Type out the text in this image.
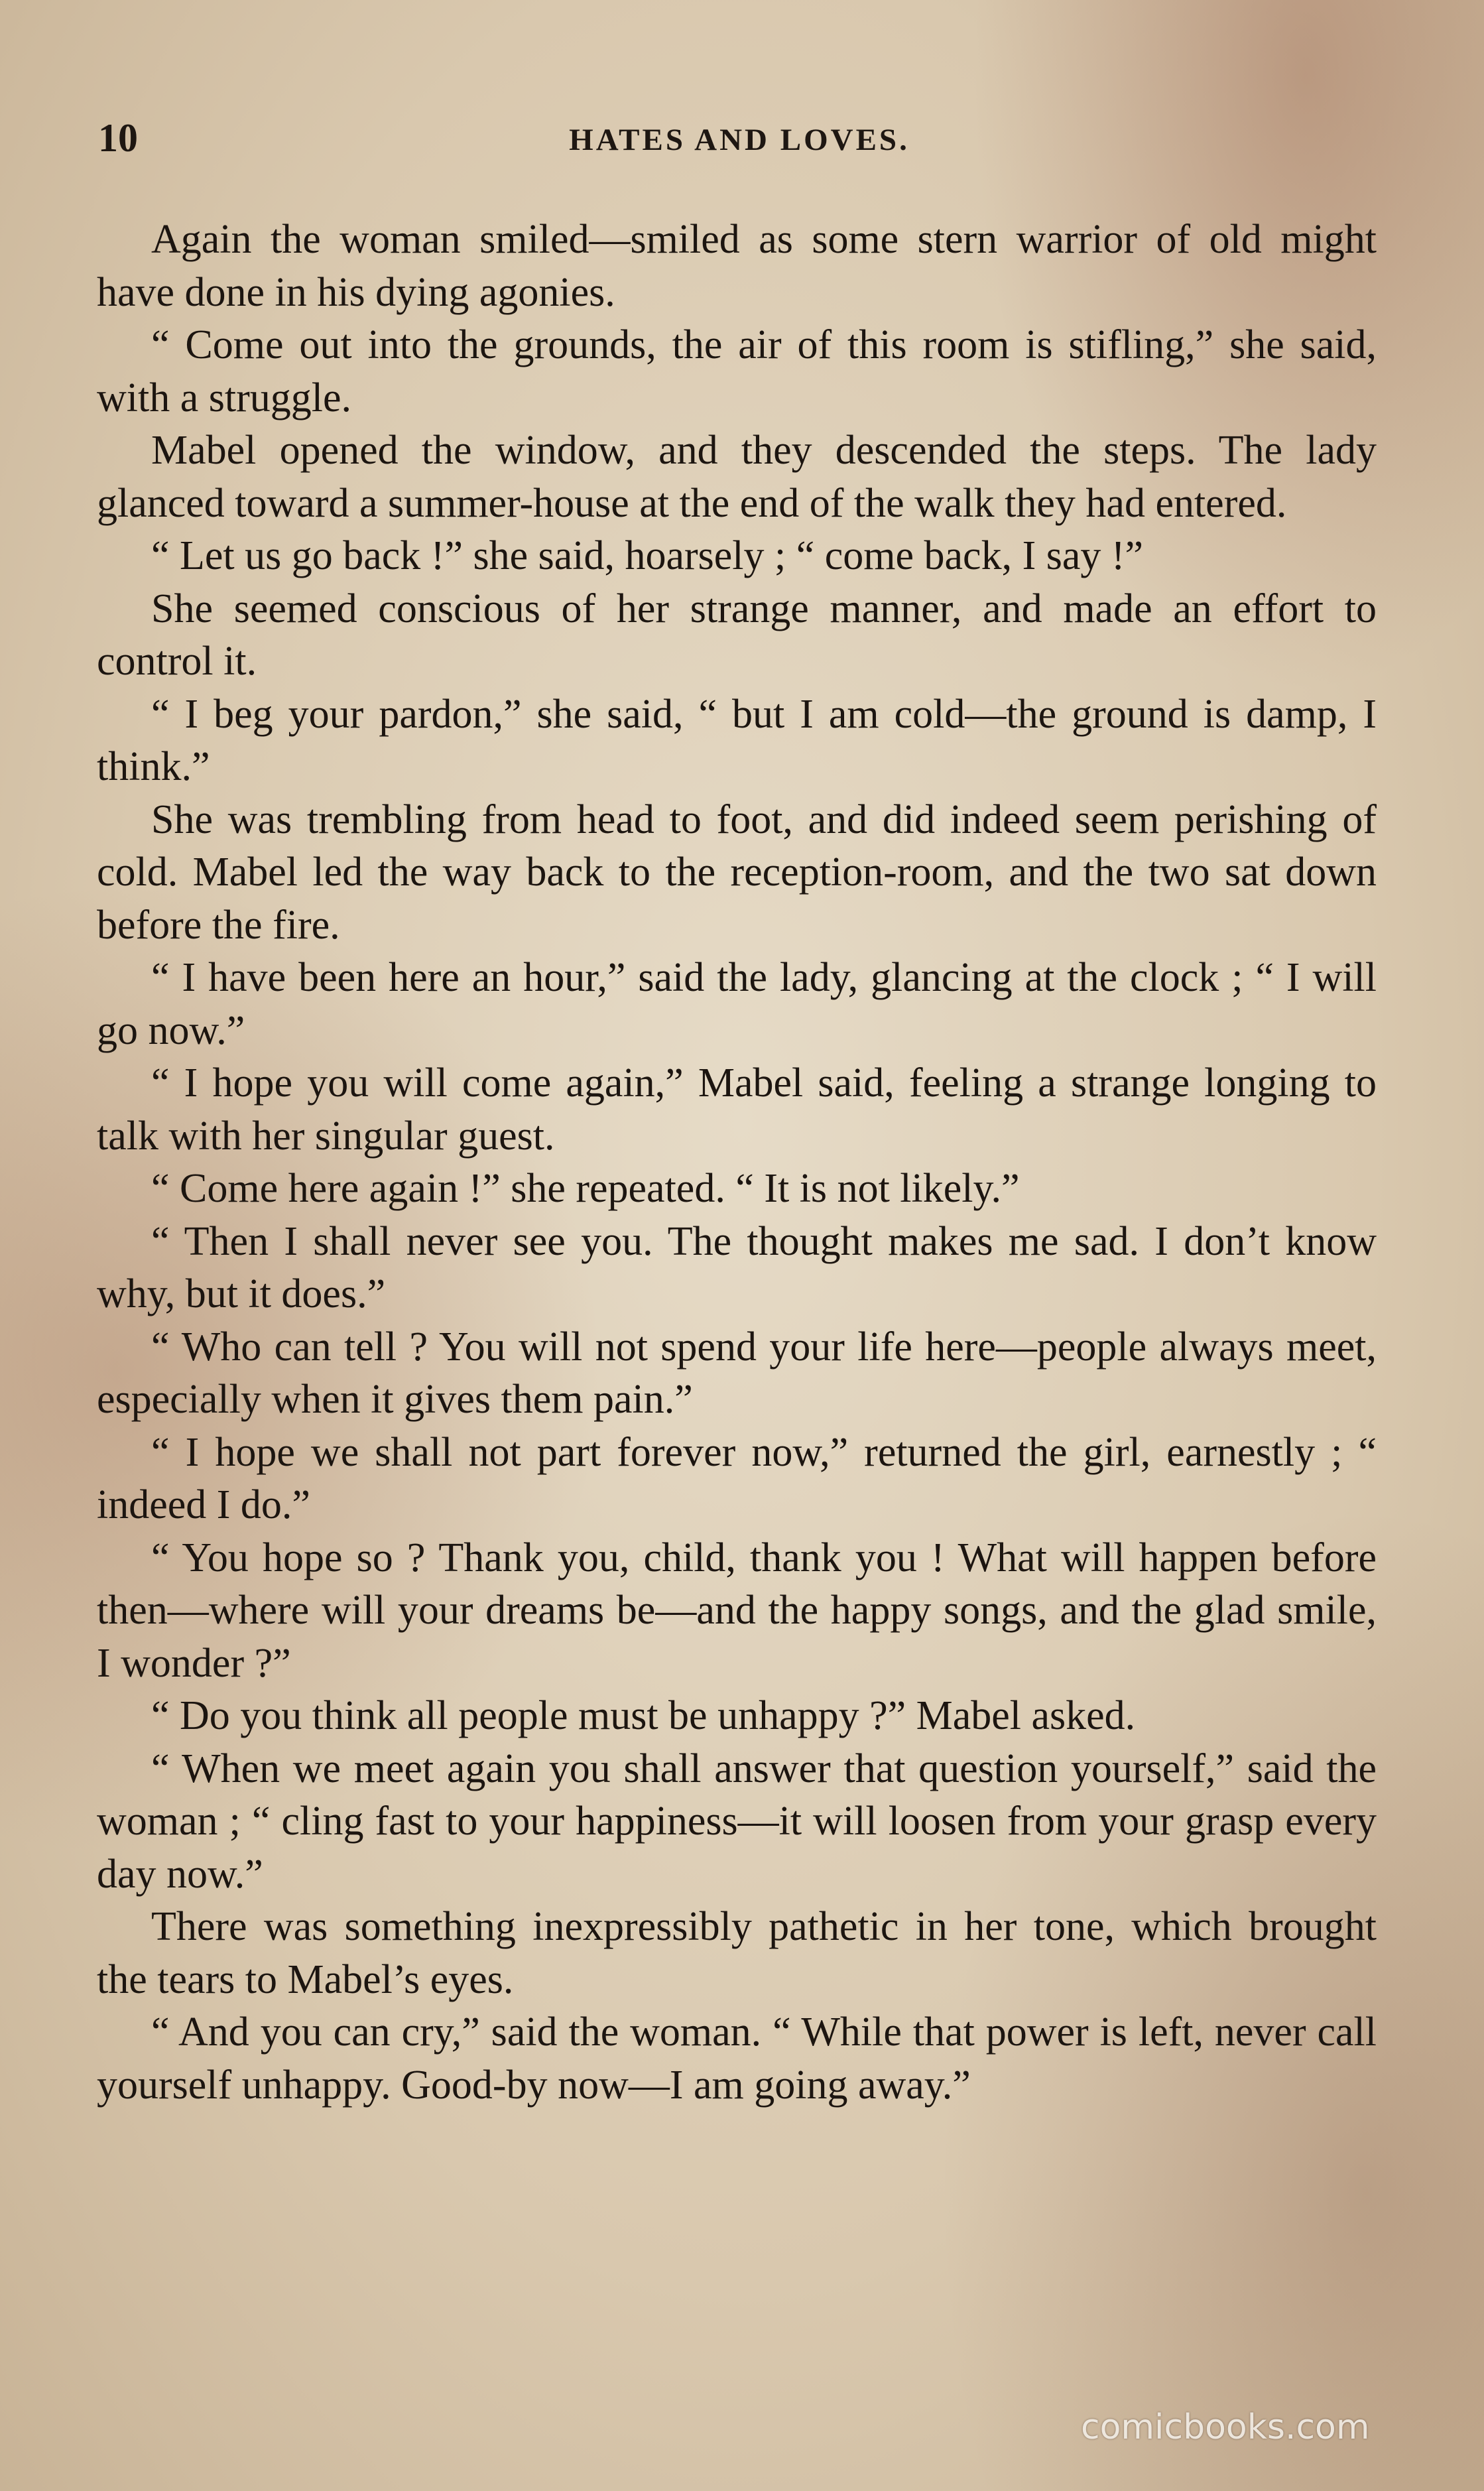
10	HATES AND LOVES.

Again the woman smiled—smiled as some stern warrior of old might have done in his dying agonies.

“ Come out into the grounds, the air of this room is stifling,” she said, with a struggle.

Mabel opened the window, and they descended the steps. The lady glanced toward a summer-house at the end of the walk they had entered.

“ Let us go back !” she said, hoarsely ; “ come back, I say !”

She seemed conscious of her strange manner, and made an effort to control it.

“ I beg your pardon,” she said, “ but I am cold—the ground is damp, I think.”

She was trembling from head to foot, and did indeed seem perishing of cold. Mabel led the way back to the reception-room, and the two sat down before the fire.

“ I have been here an hour,” said the lady, glancing at the clock ; “ I will go now.”

“ I hope you will come again,” Mabel said, feeling a strange longing to talk with her singular guest.

“ Come here again !” she repeated. “ It is not likely.”

“ Then I shall never see you. The thought makes me sad. I don’t know why, but it does.”

“ Who can tell ? You will not spend your life here—people always meet, especially when it gives them pain.”

“ I hope we shall not part forever now,” returned the girl, earnestly ; “ indeed I do.”

“ You hope so ? Thank you, child, thank you ! What will happen before then—where will your dreams be—and the happy songs, and the glad smile, I wonder ?”

“ Do you think all people must be unhappy ?” Mabel asked.

“ When we meet again you shall answer that question yourself,” said the woman ; “ cling fast to your happiness—it will loosen from your grasp every day now.”

There was something inexpressibly pathetic in her tone, which brought the tears to Mabel’s eyes.

“ And you can cry,” said the woman. “ While that power is left, never call yourself unhappy. Good-by now—I am going away.”

comicbooks.com
